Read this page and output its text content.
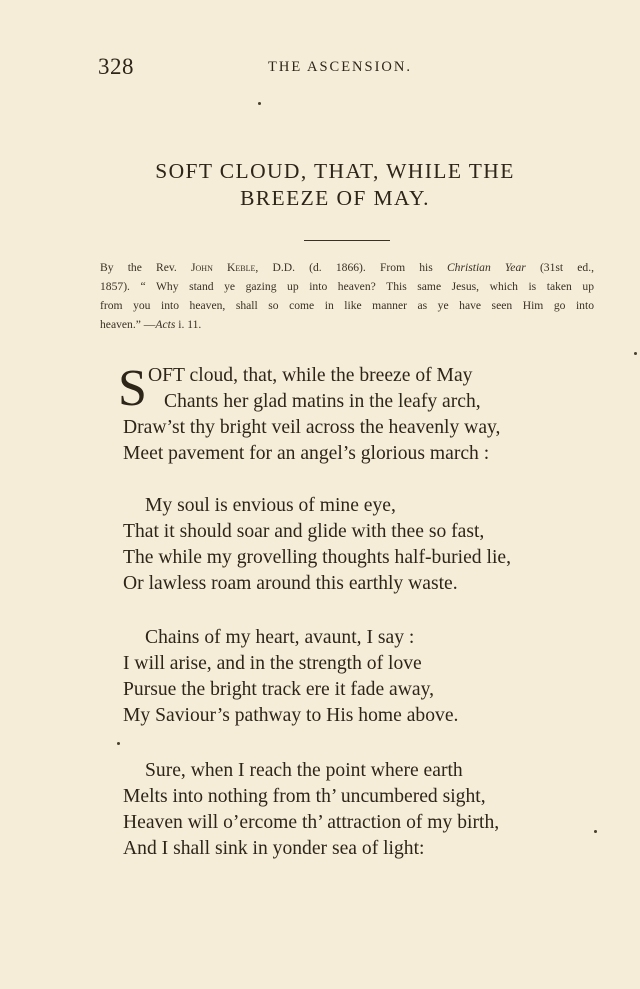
328	THE ASCENSION.
SOFT CLOUD, THAT, WHILE THE
BREEZE OF MAY.
By the Rev. John Keble, D.D. (d. 1866). From his Christian Year (31st ed.,
1857). “ Why stand ye gazing up into heaven? This same Jesus, which is taken up
from you into heaven, shall so come in like manner as ye have seen Him go into
heaven.” —Acts i. 11.
S OFT cloud, that, while the breeze of May
Chants her glad matins in the leafy arch,
Draw’st thy bright veil across the heavenly way,
Meet pavement for an angel’s glorious march :
My soul is envious of mine eye,
That it should soar and glide with thee so fast,
The while my grovelling thoughts half-buried lie,
Or lawless roam around this earthly waste.
Chains of my heart, avaunt, I say :
I will arise, and in the strength of love
Pursue the bright track ere it fade away,
My Saviour’s pathway to His home above.
Sure, when I reach the point where earth
Melts into nothing from th’ uncumbered sight,
Heaven will o’ercome th’ attraction of my birth,
And I shall sink in yonder sea of light:
